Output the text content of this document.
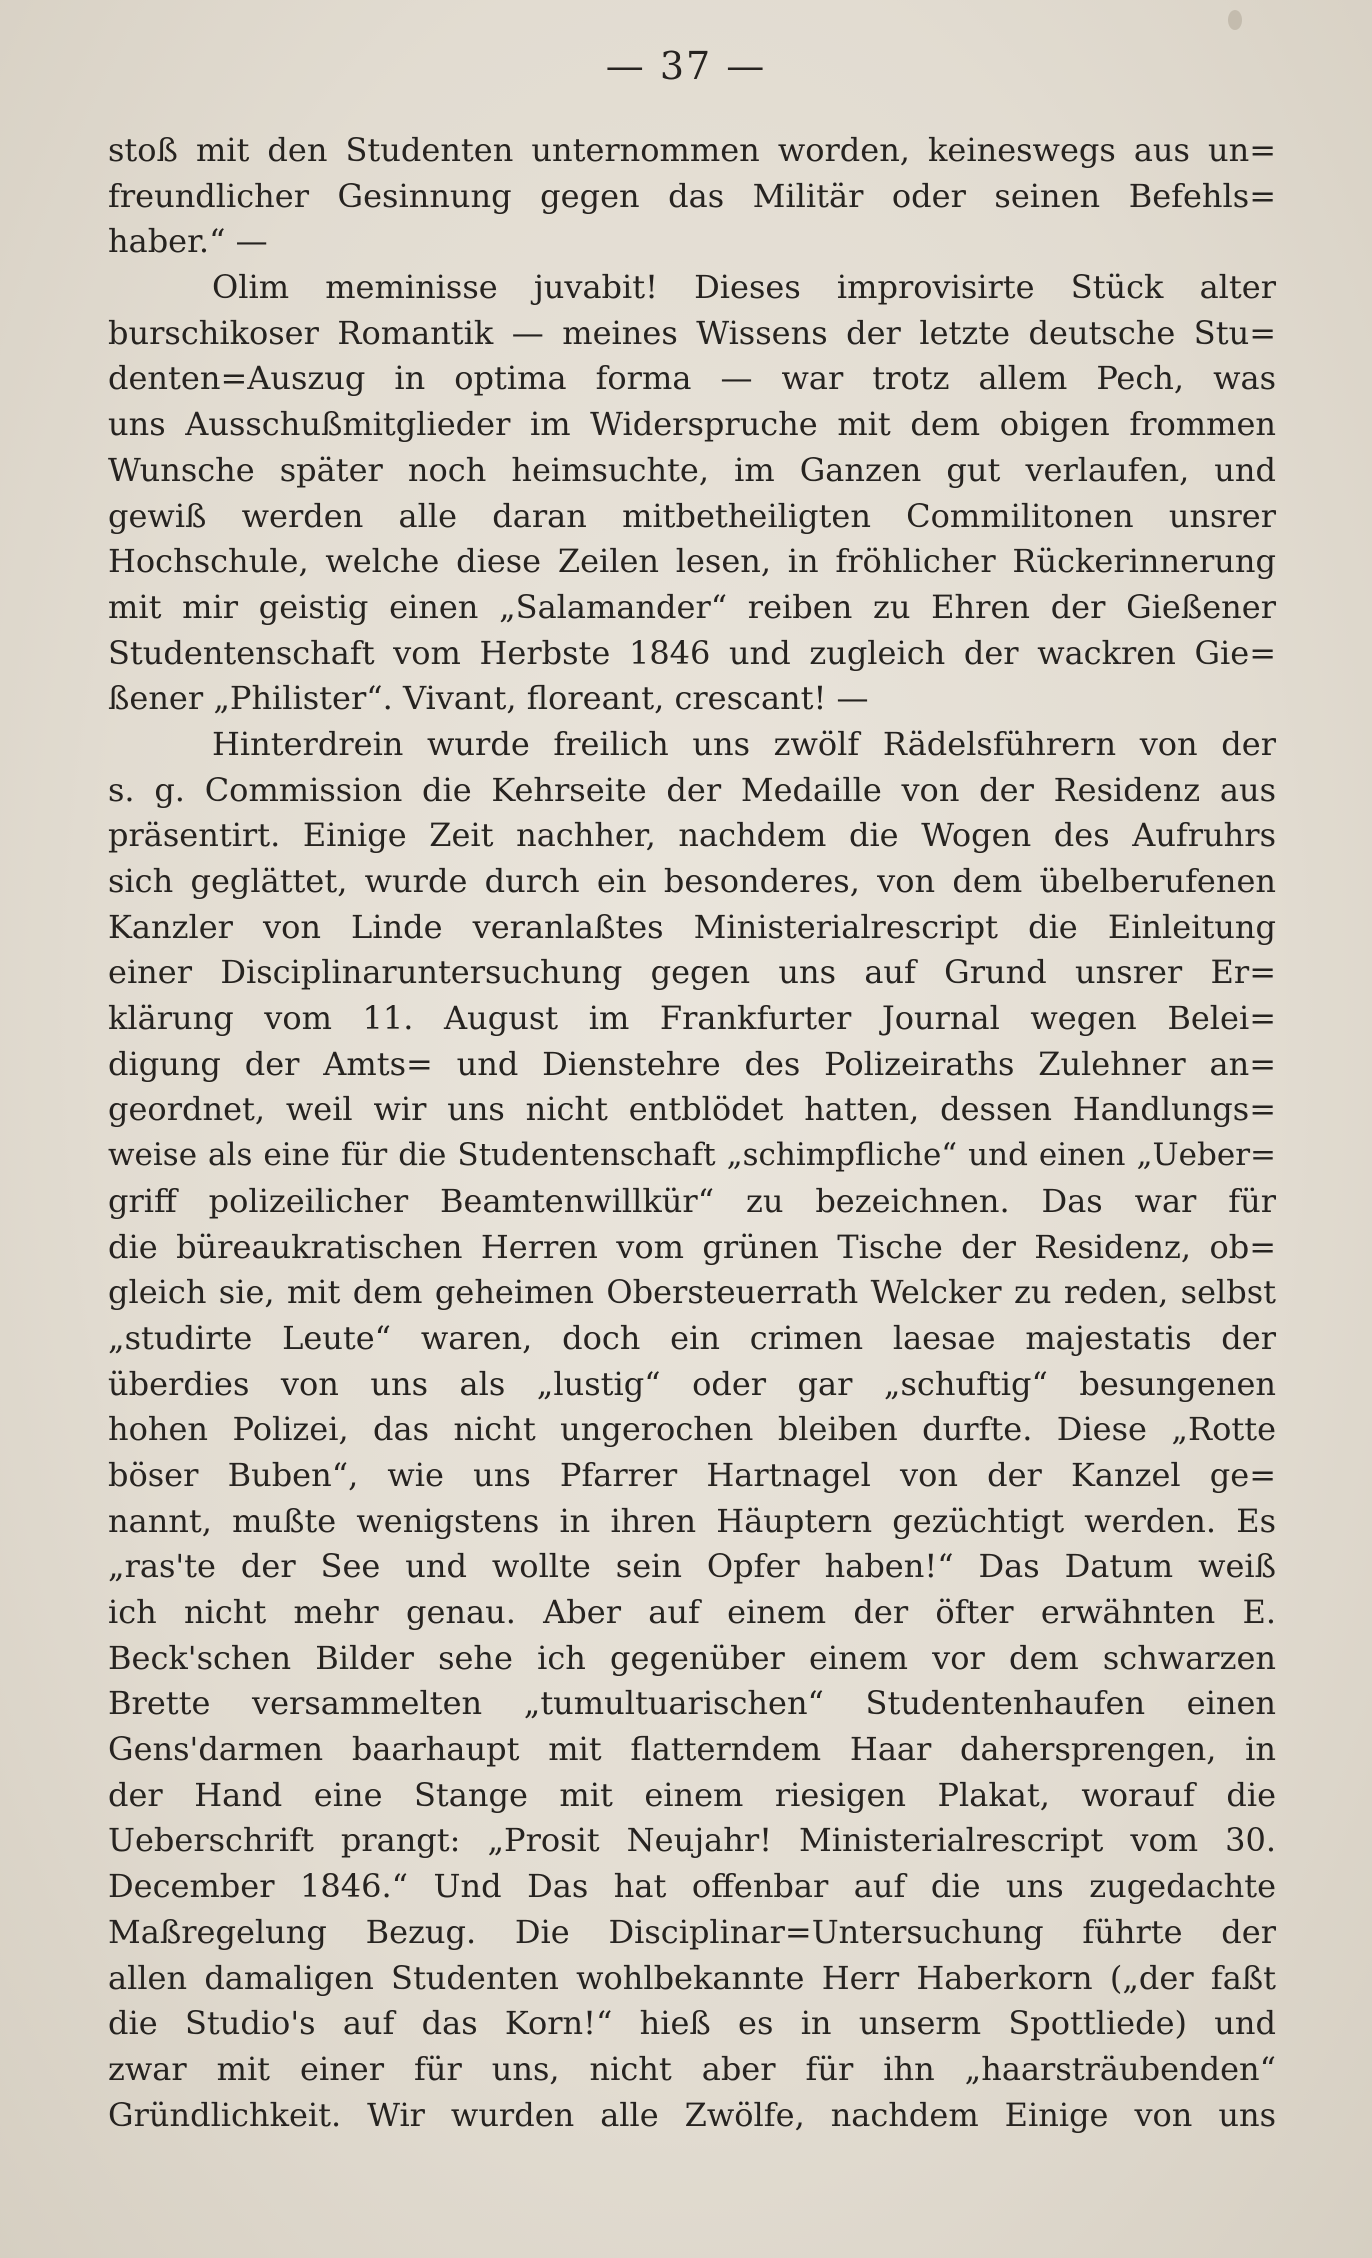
— 37 —
stoß mit den Studenten unternommen worden, keineswegs aus un=
freundlicher Gesinnung gegen das Militär oder seinen Befehls=
haber.“ —
Olim meminisse juvabit! Dieses improvisirte Stück alter
burschikoser Romantik — meines Wissens der letzte deutsche Stu=
denten=Auszug in optima forma — war trotz allem Pech, was
uns Ausschußmitglieder im Widerspruche mit dem obigen frommen
Wunsche später noch heimsuchte, im Ganzen gut verlaufen, und
gewiß werden alle daran mitbetheiligten Commilitonen unsrer
Hochschule, welche diese Zeilen lesen, in fröhlicher Rückerinnerung
mit mir geistig einen „Salamander“ reiben zu Ehren der Gießener
Studentenschaft vom Herbste 1846 und zugleich der wackren Gie=
ßener „Philister“. Vivant, floreant, crescant! —
Hinterdrein wurde freilich uns zwölf Rädelsführern von der
s. g. Commission die Kehrseite der Medaille von der Residenz aus
präsentirt. Einige Zeit nachher, nachdem die Wogen des Aufruhrs
sich geglättet, wurde durch ein besonderes, von dem übelberufenen
Kanzler von Linde veranlaßtes Ministerialrescript die Einleitung
einer Disciplinaruntersuchung gegen uns auf Grund unsrer Er=
klärung vom 11. August im Frankfurter Journal wegen Belei=
digung der Amts= und Dienstehre des Polizeiraths Zulehner an=
geordnet, weil wir uns nicht entblödet hatten, dessen Handlungs=
weise als eine für die Studentenschaft „schimpfliche“ und einen „Ueber=
griff polizeilicher Beamtenwillkür“ zu bezeichnen. Das war für
die büreaukratischen Herren vom grünen Tische der Residenz, ob=
gleich sie, mit dem geheimen Obersteuerrath Welcker zu reden, selbst
„studirte Leute“ waren, doch ein crimen laesae majestatis der
überdies von uns als „lustig“ oder gar „schuftig“ besungenen
hohen Polizei, das nicht ungerochen bleiben durfte. Diese „Rotte
böser Buben“, wie uns Pfarrer Hartnagel von der Kanzel ge=
nannt, mußte wenigstens in ihren Häuptern gezüchtigt werden. Es
„ras'te der See und wollte sein Opfer haben!“ Das Datum weiß
ich nicht mehr genau. Aber auf einem der öfter erwähnten E.
Beck'schen Bilder sehe ich gegenüber einem vor dem schwarzen
Brette versammelten „tumultuarischen“ Studentenhaufen einen
Gens'darmen baarhaupt mit flatterndem Haar dahersprengen, in
der Hand eine Stange mit einem riesigen Plakat, worauf die
Ueberschrift prangt: „Prosit Neujahr! Ministerialrescript vom 30.
December 1846.“ Und Das hat offenbar auf die uns zugedachte
Maßregelung Bezug. Die Disciplinar=Untersuchung führte der
allen damaligen Studenten wohlbekannte Herr Haberkorn („der faßt
die Studio's auf das Korn!“ hieß es in unserm Spottliede) und
zwar mit einer für uns, nicht aber für ihn „haarsträubenden“
Gründlichkeit. Wir wurden alle Zwölfe, nachdem Einige von uns
